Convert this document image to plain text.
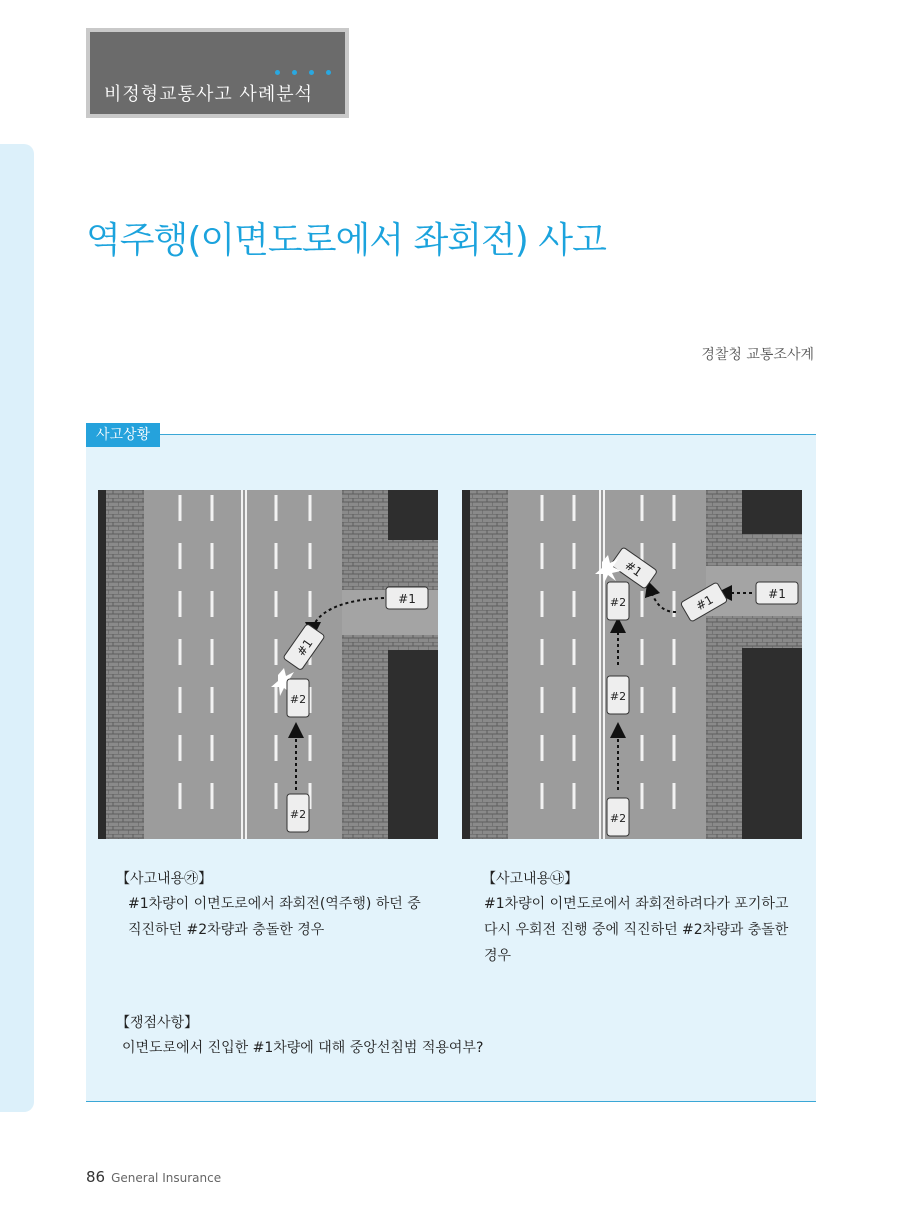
비정형교통사고 사례분석
역주행(이면도로에서 좌회전) 사고
경찰청 교통조사계
사고상황
#1
#1
#2
#2
#1
#1
#1
#2
#2
#2
【사고내용㉮】
#1차량이 이면도로에서 좌회전(역주행) 하던 중
직진하던 #2차량과 충돌한 경우
【사고내용㉯】
#1차량이 이면도로에서 좌회전하려다가 포기하고
다시 우회전 진행 중에 직진하던 #2차량과 충돌한
경우
【쟁점사항】
이면도로에서 진입한 #1차량에 대해 중앙선침범 적용여부?
86 General Insurance
